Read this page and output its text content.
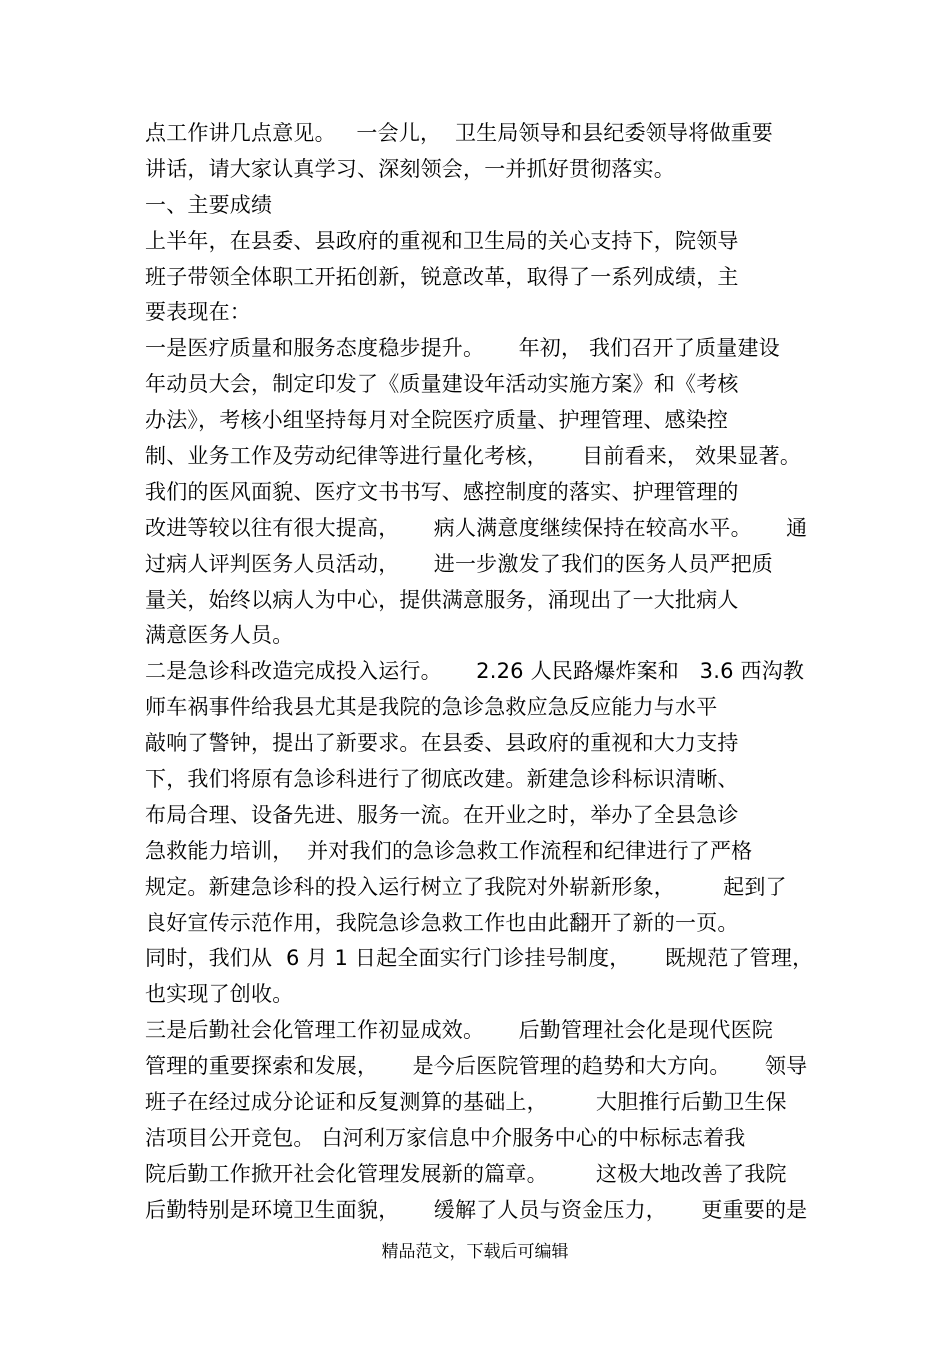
点工作讲几点意见。   一会儿，  卫生局领导和县纪委领导将做重要
讲话，请大家认真学习、深刻领会，一并抓好贯彻落实。
一、主要成绩
上半年，在县委、县政府的重视和卫生局的关心支持下，院领导
班子带领全体职工开拓创新，锐意改革，取得了一系列成绩，主
要表现在：
一是医疗质量和服务态度稳步提升。     年初， 我们召开了质量建设
年动员大会，制定印发了《质量建设年活动实施方案》和《考核
办法》，考核小组坚持每月对全院医疗质量、护理管理、感染控
制、业务工作及劳动纪律等进行量化考核，     目前看来， 效果显著。
我们的医风面貌、医疗文书书写、感控制度的落实、护理管理的
改进等较以往有很大提高，     病人满意度继续保持在较高水平。     通
过病人评判医务人员活动，     进一步激发了我们的医务人员严把质
量关，始终以病人为中心，提供满意服务，涌现出了一大批病人
满意医务人员。
二是急诊科改造完成投入运行。     2.26 人民路爆炸案和   3.6 西沟教
师车祸事件给我县尤其是我院的急诊急救应急反应能力与水平
敲响了警钟，提出了新要求。在县委、县政府的重视和大力支持
下，我们将原有急诊科进行了彻底改建。新建急诊科标识清晰、
布局合理、设备先进、服务一流。在开业之时，举办了全县急诊
急救能力培训，  并对我们的急诊急救工作流程和纪律进行了严格
规定。新建急诊科的投入运行树立了我院对外崭新形象，       起到了
良好宣传示范作用，我院急诊急救工作也由此翻开了新的一页。
同时，我们从  6 月 1 日起全面实行门诊挂号制度，     既规范了管理，
也实现了创收。
三是后勤社会化管理工作初显成效。     后勤管理社会化是现代医院
管理的重要探索和发展，     是今后医院管理的趋势和大方向。     领导
班子在经过成分论证和反复测算的基础上，       大胆推行后勤卫生保
洁项目公开竞包。 白河利万家信息中介服务中心的中标标志着我
院后勤工作掀开社会化管理发展新的篇章。       这极大地改善了我院
后勤特别是环境卫生面貌，     缓解了人员与资金压力，     更重要的是
精品范文，下载后可编辑
